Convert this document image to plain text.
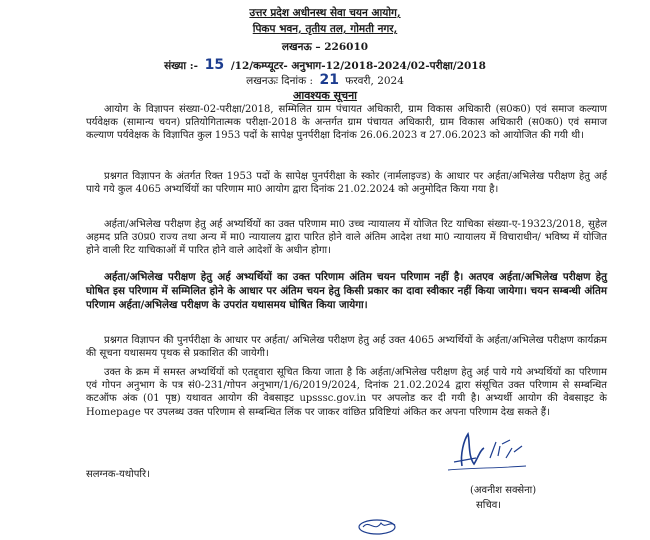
उत्तर प्रदेश अधीनस्थ सेवा चयन आयोग,
पिकप भवन, तृतीय तल, गोमती नगर,
लखनऊ – 226010
संख्या :- 15 /12/कम्प्यूटर- अनुभाग-12/2018-2024/02-परीक्षा/2018
लखनऊः दिनांक : 21 फरवरी, 2024
आवश्यक सूचना
आयोग के विज्ञापन संख्या-02-परीक्षा/2018, सम्मिलित ग्राम पंचायत अधिकारी, ग्राम विकास अधिकारी (स0क0) एवं समाज कल्याण पर्यवेक्षक (सामान्य चयन) प्रतियोगितात्मक परीक्षा-2018 के अन्तर्गत ग्राम पंचायत अधिकारी, ग्राम विकास अधिकारी (स0क0) एवं समाज कल्याण पर्यवेक्षक के विज्ञापित कुल 1953 पदों के सापेक्ष पुनर्परीक्षा दिनांक 26.06.2023 व 27.06.2023 को आयोजित की गयी थी।
प्रश्नगत विज्ञापन के अंतर्गत रिक्त 1953 पदों के सापेक्ष पुनर्परीक्षा के स्कोर (नार्मलाइज्ड) के आधार पर अर्हता/अभिलेख परीक्षण हेतु अर्ह पाये गये कुल 4065 अभ्यर्थियों का परिणाम मा0 आयोग द्वारा दिनांक 21.02.2024 को अनुमोदित किया गया है।
अर्हता/अभिलेख परीक्षण हेतु अर्ह अभ्यर्थियों का उक्त परिणाम मा0 उच्च न्यायालय में योजित रिट याचिका संख्या-ए-19323/2018, सुहेल अहमद प्रति उ0प्र0 राज्य तथा अन्य में मा0 न्यायालय द्वारा पारित होने वाले अंतिम आदेश तथा मा0 न्यायालय में विचाराधीन/ भविष्य में योजित होने वाली रिट याचिकाओं में पारित होने वाले आदेशों के अधीन होगा।
अर्हता/अभिलेख परीक्षण हेतु अर्ह अभ्यर्थियों का उक्त परिणाम अंतिम चयन परिणाम नहीं है। अतएव अर्हता/अभिलेख परीक्षण हेतु घोषित इस परिणाम में सम्मिलित होने के आधार पर अंतिम चयन हेतु किसी प्रकार का दावा स्वीकार नहीं किया जायेगा। चयन सम्बन्धी अंतिम परिणाम अर्हता/अभिलेख परीक्षण के उपरांत यथासमय घोषित किया जायेगा।
प्रश्नगत विज्ञापन की पुनर्परीक्षा के आधार पर अर्हता/ अभिलेख परीक्षण हेतु अर्ह उक्त 4065 अभ्यर्थियों के अर्हता/अभिलेख परीक्षण कार्यक्रम की सूचना यथासमय पृथक से प्रकाशित की जायेगी।
उक्त के क्रम में समस्त अभ्यर्थियों को एतद्द्वारा सूचित किया जाता है कि अर्हता/अभिलेख परीक्षण हेतु अर्ह पाये गये अभ्यर्थियों का परिणाम एवं गोपन अनुभाग के पत्र सं0-231/गोपन अनुभाग/1/6/2019/2024, दिनांक 21.02.2024 द्वारा संसूचित उक्त परिणाम से सम्बन्धित कटऑफ अंक (01 पृष्ठ) यथावत आयोग की वेबसाइट upsssc.gov.in पर अपलोड कर दी गयी है। अभ्यर्थी आयोग की वेबसाइट के Homepage पर उपलब्ध उक्त परिणाम से सम्बन्धित लिंक पर जाकर वांछित प्रविष्टियां अंकित कर अपना परिणाम देख सकते हैं।
सलग्नक-यथोपरि।
(अवनीश सक्सेना)
सचिव।
